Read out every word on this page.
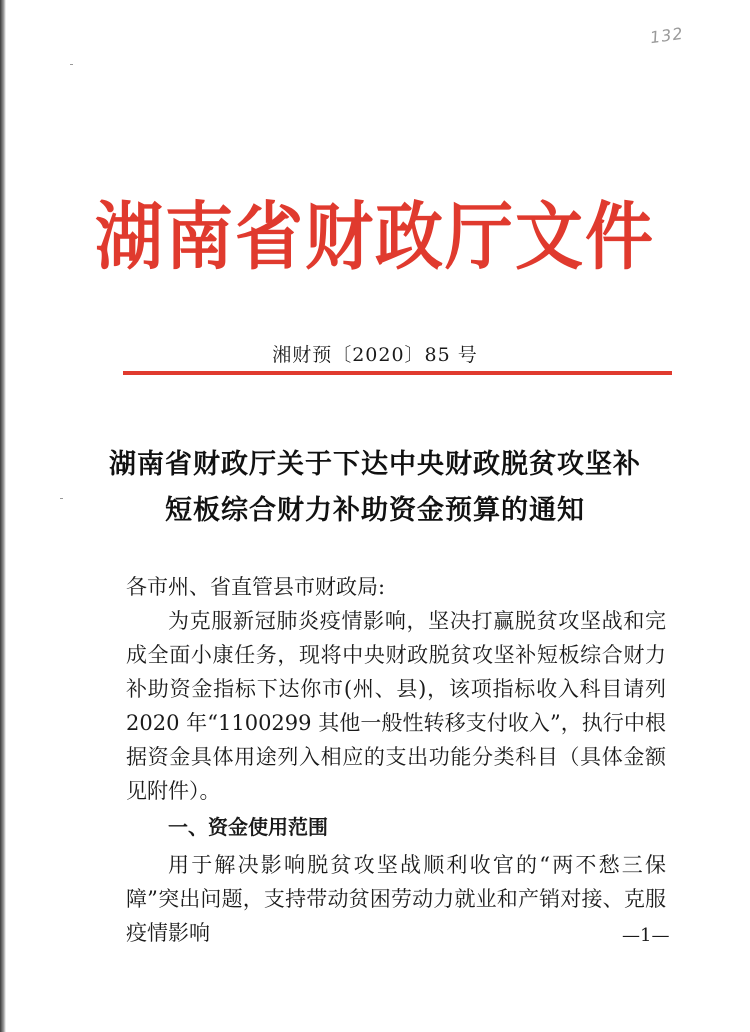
132
湖南省财政厅文件
湘财预〔2020〕85 号
湖南省财政厅关于下达中央财政脱贫攻坚补
短板综合财力补助资金预算的通知
各市州、省直管县市财政局:
为克服新冠肺炎疫情影响，坚决打赢脱贫攻坚战和完成全面小康任务，现将中央财政脱贫攻坚补短板综合财力补助资金指标下达你市(州、县)，该项指标收入科目请列 2020 年“1100299 其他一般性转移支付收入”，执行中根据资金具体用途列入相应的支出功能分类科目（具体金额见附件）。
一、资金使用范围
用于解决影响脱贫攻坚战顺利收官的“两不愁三保障”突出问题，支持带动贫困劳动力就业和产销对接、克服疫情影响	—1—
